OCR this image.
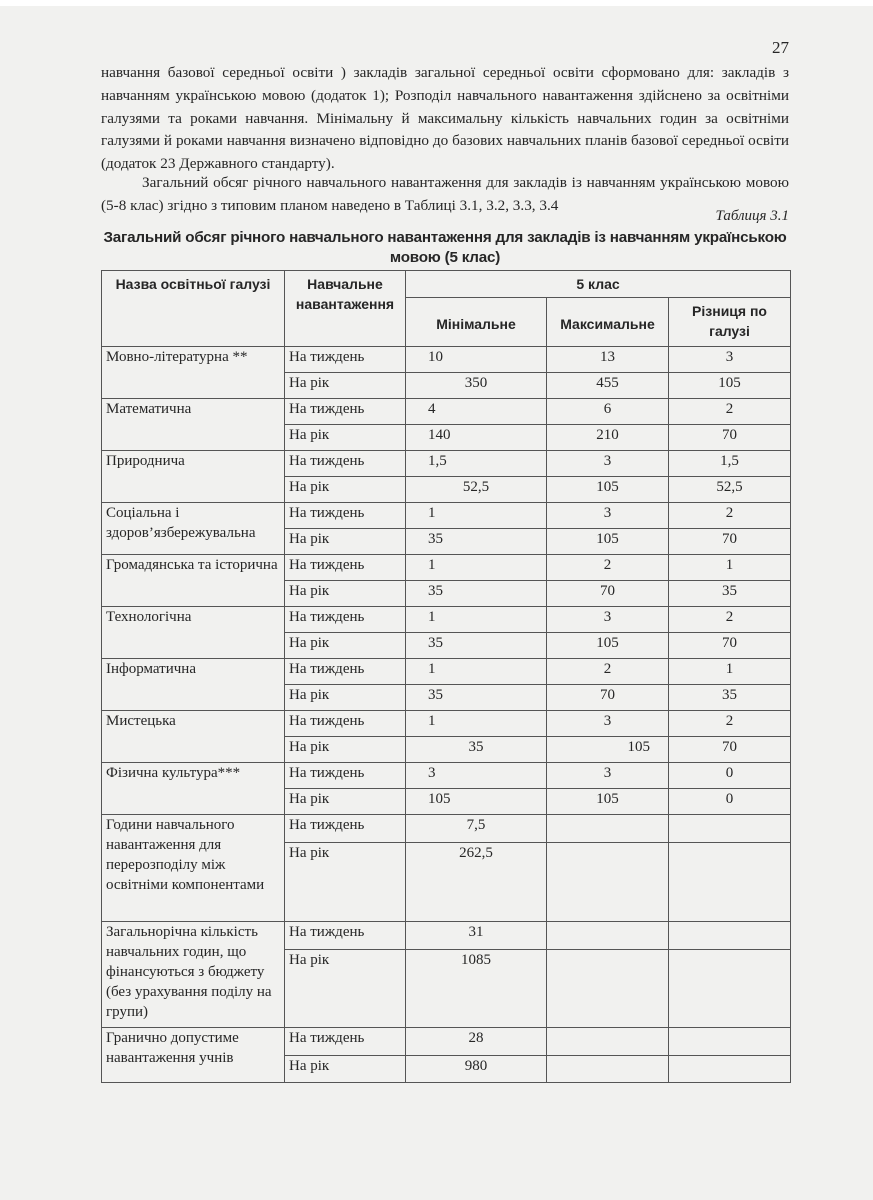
27

навчання базової середньої освіти ) закладів загальної середньої освіти сформовано для: закладів з навчанням українською мовою (додаток 1); Розподіл навчального навантаження здійснено за освітніми галузями та роками навчання. Мінімальну й максимальну кількість навчальних годин за освітніми галузями й роками навчання визначено відповідно до базових навчальних планів базової середньої освіти (додаток 23 Державного стандарту).

Загальний обсяг річного навчального навантаження для закладів із навчанням українською мовою (5-8 клас) згідно з типовим планом наведено в Таблиці 3.1, 3.2, 3.3, 3.4

Таблиця 3.1
Загальний обсяг річного навчального навантаження для закладів із навчанням українською мовою (5 клас)
Назва освітньої галузі	Навчальне навантаження	5 клас		
		Мінімальне	Максимальне	Різниця по галузі
Мовно-літературна **	На тиждень	10	13	3
	На рік	350	455	105
Математична	На тиждень	4	6	2
	На рік	140	210	70
Природнича	На тиждень	1,5	3	1,5
	На рік	52,5	105	52,5
Соціальна і здоров’язбережувальна	На тиждень	1	3	2
	На рік	35	105	70
Громадянська та історична	На тиждень	1	2	1
	На рік	35	70	35
Технологічна	На тиждень	1	3	2
	На рік	35	105	70
Інформатична	На тиждень	1	2	1
	На рік	35	70	35
Мистецька	На тиждень	1	3	2
	На рік	35	105	70
Фізична культура***	На тиждень	3	3	0
	На рік	105	105	0
Години навчального навантаження для перерозподілу між освітніми компонентами	На тиждень	7,5		
	На рік	262,5		
Загальнорічна кількість навчальних годин, що фінансуються з бюджету (без урахування поділу на групи)	На тиждень	31		
	На рік	1085		
Гранично допустиме навантаження учнів	На тиждень	28		
	На рік	980		
